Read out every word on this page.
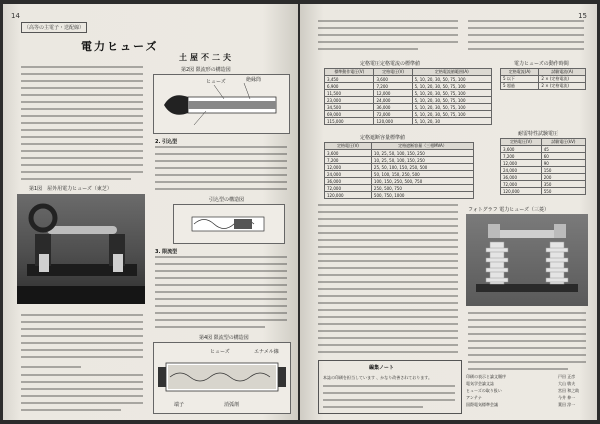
14
（高等の主電子・送配線）
電力ヒューズ
土屋不二夫
第1図　屋外用電力ヒューズ（東芝）
第2図 限流形の構造図
ヒューズ	絶縁筒
2. 引込型
引込型の構造図
3. 限流型
第4図 限流型の構造図
エナメル線
ヒューズ
端子	消弧剤
15
定格電圧定格電流の標準値
標準動作電圧(V)	定格電圧(V)	定格電流値範囲(A)
3,450	3,600	5, 10, 20, 30, 50, 75, 100
6,900	7,200	5, 10, 20, 30, 50, 75, 100
11,500	12,000	5, 10, 20, 30, 50, 75, 100
23,000	24,000	5, 10, 20, 30, 50, 75, 100
34,500	36,000	5, 10, 20, 30, 50, 75, 100
69,000	72,000	5, 10, 20, 30, 50, 75, 100
115,000	120,000	5, 10, 20, 30
定格遮断容量標準値
定格電圧(V)	定格遮断容量（三相MVA）
3,600	10, 25, 50, 100, 150, 250
7,200	10, 25, 50, 100, 150, 250
12,000	25, 50, 100, 150, 250, 500
24,000	50, 100, 150, 250, 500
36,000	100, 150, 250, 500, 750
72,000	250, 500, 750
120,000	500, 750, 1000
電力ヒューズの動作時間
定格電流(A)	試験電流(A)
5 以下	2 × (定格電流)
5 超過	2 × (定格電流)
耐雷特性試験電圧
定格電圧(V)	試験電圧(kV)
3,600	45
7,200	60
12,000	90
24,000	150
36,000	200
72,000	350
120,000	550
フォトグラフ 電力ヒューズ（三菱）
編集ノート
本誌の印刷を担当しています 、かなり改善されております。	印刷の表示と論文順序
電気学会論文誌
ヒューズの取り扱い
アンテナ
国際電気標準会議
戸田 正彦
大山 敏夫
宮田 和之助
今井 伸一
葉田 淳一
